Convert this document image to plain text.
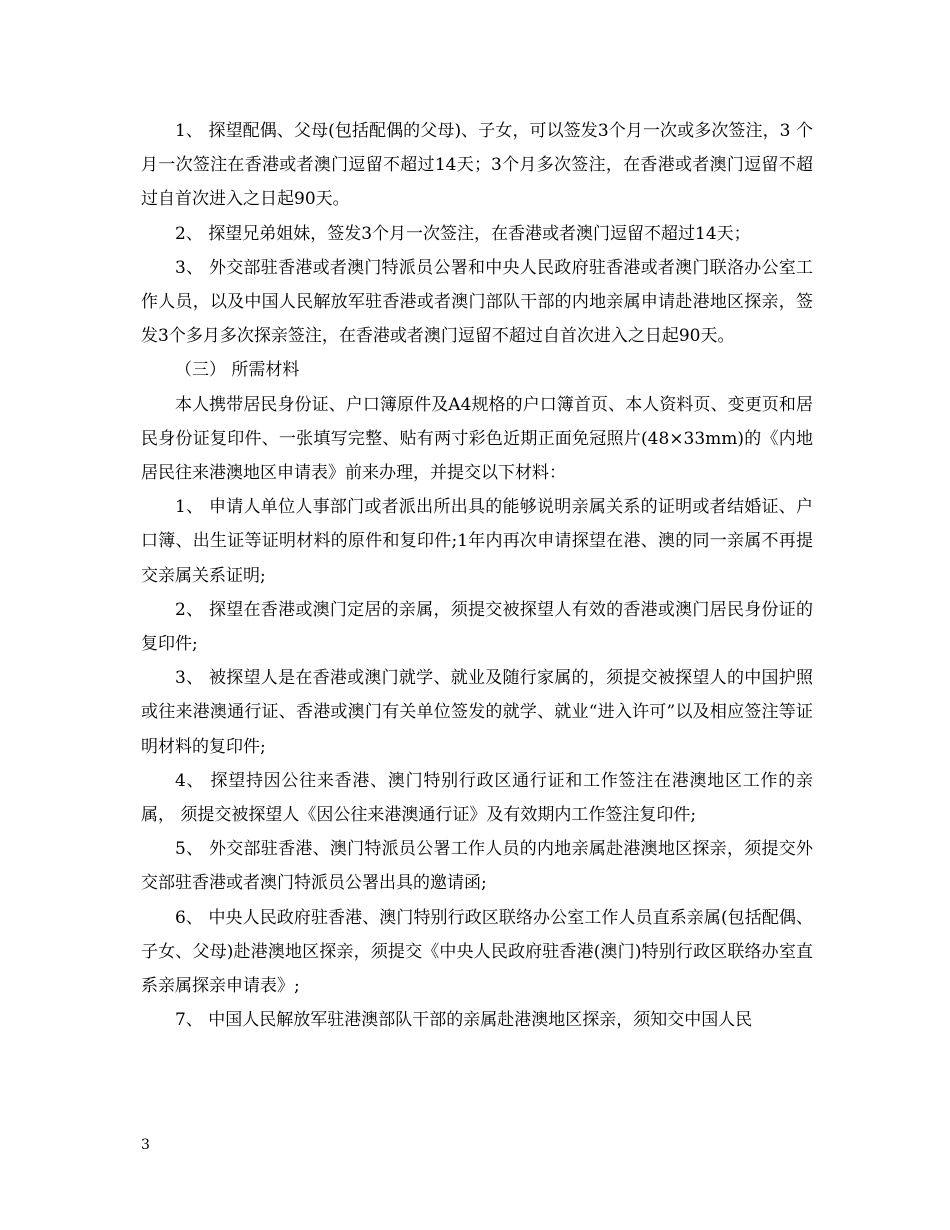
1、 探望配偶、父母(包括配偶的父母)、子女，可以签发3个月一次或多次签注，3 个月一次签注在香港或者澳门逗留不超过14天；3个月多次签注，在香港或者澳门逗留不超过自首次进入之日起90天。

2、 探望兄弟姐妹，签发3个月一次签注，在香港或者澳门逗留不超过14天；

3、 外交部驻香港或者澳门特派员公署和中央人民政府驻香港或者澳门联洛办公室工 作人员，以及中国人民解放军驻香港或者澳门部队干部的内地亲属申请赴港地区探亲，签发3个多月多次探亲签注，在香港或者澳门逗留不超过自首次进入之日起90天。

（三） 所需材料

本人携带居民身份证、户口簿原件及A4规格的户口簿首页、本人资料页、变更页和居民身份证复印件、一张填写完整、贴有两寸彩色近期正面免冠照片(48×33mm)的《内地居民往来港澳地区申请表》前来办理，并提交以下材料：

1、 申请人单位人事部门或者派出所出具的能够说明亲属关系的证明或者结婚证、户 口簿、出生证等证明材料的原件和复印件;1年内再次申请探望在港、澳的同一亲属不再提交亲属关系证明;

2、 探望在香港或澳门定居的亲属，须提交被探望人有效的香港或澳门居民身份证的 复印件;

3、 被探望人是在香港或澳门就学、就业及随行家属的，须提交被探望人的中国护照 或往来港澳通行证、香港或澳门有关单位签发的就学、就业“进入许可”以及相应签注等证明材料的复印件;

4、 探望持因公往来香港、澳门特别行政区通行证和工作签注在港澳地区工作的亲属， 须提交被探望人《因公往来港澳通行证》及有效期内工作签注复印件;

5、 外交部驻香港、澳门特派员公署工作人员的内地亲属赴港澳地区探亲，须提交外 交部驻香港或者澳门特派员公署出具的邀请函;

6、 中央人民政府驻香港、澳门特别行政区联络办公室工作人员直系亲属(包括配偶、 子女、父母)赴港澳地区探亲，须提交《中央人民政府驻香港(澳门)特别行政区联络办室直系亲属探亲申请表》;

7、 中国人民解放军驻港澳部队干部的亲属赴港澳地区探亲，须知交中国人民

3
